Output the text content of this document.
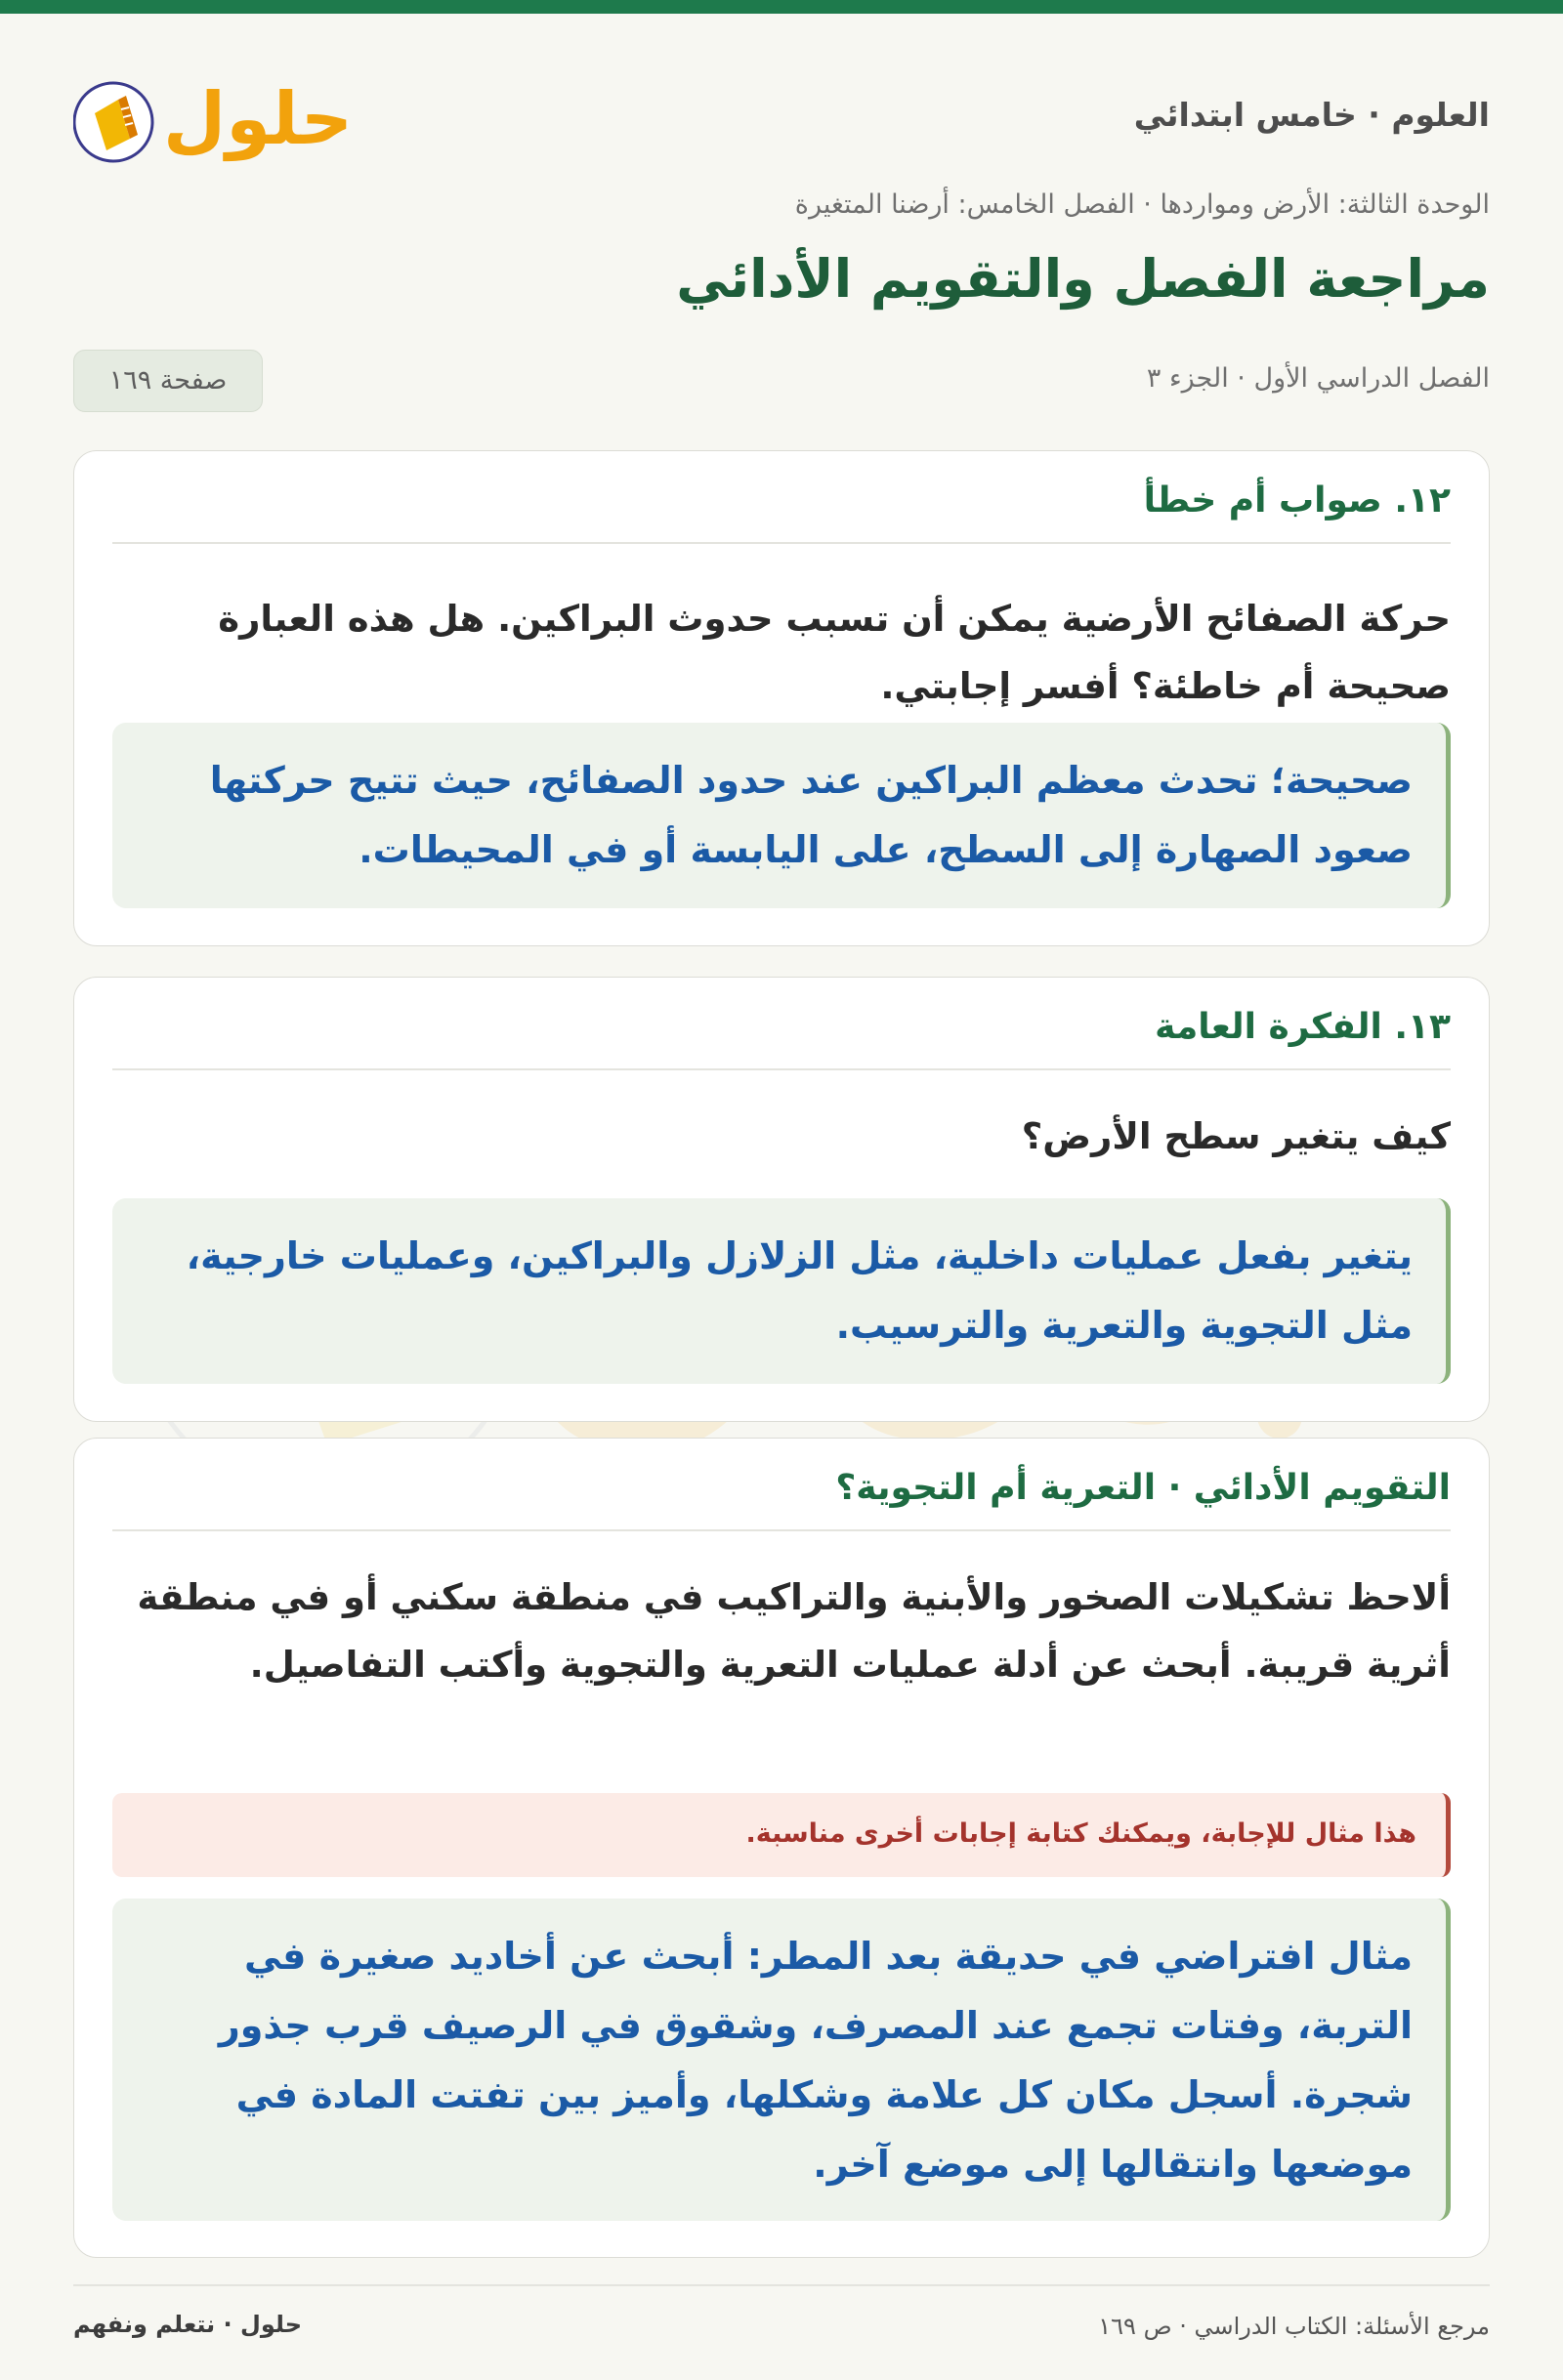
العلوم · خامس ابتدائي
حلول
الوحدة الثالثة: الأرض ومواردها · الفصل الخامس: أرضنا المتغيرة
مراجعة الفصل والتقويم الأدائي
الفصل الدراسي الأول · الجزء ٣
صفحة ١٦٩
١٢. صواب أم خطأ
حركة الصفائح الأرضية يمكن أن تسبب حدوث البراكين. هل هذه العبارة صحيحة أم خاطئة؟ أفسر إجابتي.
صحيحة؛ تحدث معظم البراكين عند حدود الصفائح، حيث تتيح حركتها صعود الصهارة إلى السطح، على اليابسة أو في المحيطات.
١٣. الفكرة العامة
كيف يتغير سطح الأرض؟
يتغير بفعل عمليات داخلية، مثل الزلازل والبراكين، وعمليات خارجية، مثل التجوية والتعرية والترسيب.
التقويم الأدائي · التعرية أم التجوية؟
ألاحظ تشكيلات الصخور والأبنية والتراكيب في منطقة سكني أو في منطقة أثرية قريبة. أبحث عن أدلة عمليات التعرية والتجوية وأكتب التفاصيل.
هذا مثال للإجابة، ويمكنك كتابة إجابات أخرى مناسبة.
مثال افتراضي في حديقة بعد المطر: أبحث عن أخاديد صغيرة في التربة، وفتات تجمع عند المصرف، وشقوق في الرصيف قرب جذور شجرة. أسجل مكان كل علامة وشكلها، وأميز بين تفتت المادة في موضعها وانتقالها إلى موضع آخر.
مرجع الأسئلة: الكتاب الدراسي · ص ١٦٩
حلول · نتعلم ونفهم
